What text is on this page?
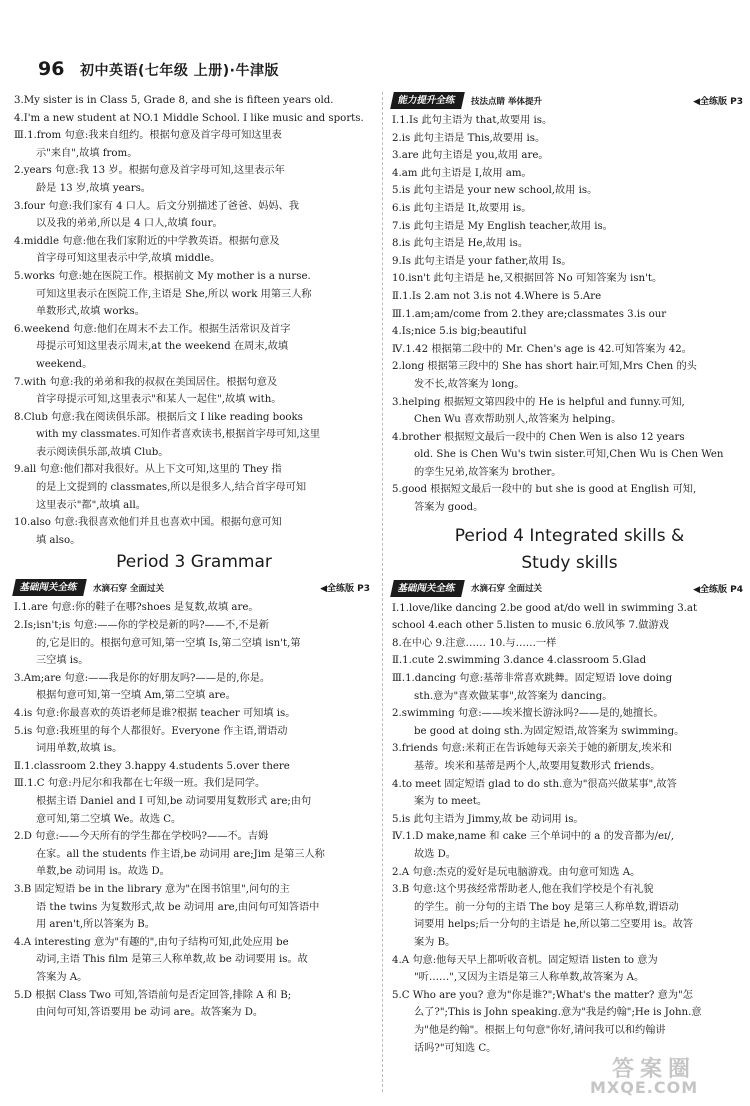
96 初中英语(七年级 上册)·牛津版
3.My sister is in Class 5, Grade 8, and she is fifteen years old.
4.I'm a new student at NO.1 Middle School. I like music and sports.
Ⅲ.1.from 句意:我来自纽约。根据句意及首字母可知这里表
示"来自",故填 from。
2.years 句意:我 13 岁。根据句意及首字母可知,这里表示年
龄是 13 岁,故填 years。
3.four 句意:我们家有 4 口人。后文分别描述了爸爸、妈妈、我
以及我的弟弟,所以是 4 口人,故填 four。
4.middle 句意:他在我们家附近的中学教英语。根据句意及
首字母可知这里表示中学,故填 middle。
5.works 句意:她在医院工作。根据前文 My mother is a nurse.
可知这里表示在医院工作,主语是 She,所以 work 用第三人称
单数形式,故填 works。
6.weekend 句意:他们在周末不去工作。根据生活常识及首字
母提示可知这里表示周末,at the weekend 在周末,故填
weekend。
7.with 句意:我的弟弟和我的叔叔在美国居住。根据句意及
首字母提示可知,这里表示"和某人一起住",故填 with。
8.Club 句意:我在阅读俱乐部。根据后文 I like reading books
with my classmates.可知作者喜欢读书,根据首字母可知,这里
表示阅读俱乐部,故填 Club。
9.all 句意:他们都对我很好。从上下文可知,这里的 They 指
的是上文提到的 classmates,所以是很多人,结合首字母可知
这里表示"都",故填 all。
10.also 句意:我很喜欢他们并且也喜欢中国。根据句意可知
填 also。
Period 3 Grammar
基础闯关全练	水滴石穿 全面过关	◀全练版 P3
Ⅰ.1.are 句意:你的鞋子在哪?shoes 是复数,故填 are。
2.Is;isn't;is 句意:——你的学校是新的吗?——不,不是新
的,它是旧的。根据句意可知,第一空填 Is,第二空填 isn't,第
三空填 is。
3.Am;are 句意:——我是你的好朋友吗?——是的,你是。
根据句意可知,第一空填 Am,第二空填 are。
4.is 句意:你最喜欢的英语老师是谁?根据 teacher 可知填 is。
5.is 句意:我班里的每个人都很好。Everyone 作主语,谓语动
词用单数,故填 is。
Ⅱ.1.classroom 2.they 3.happy 4.students 5.over there
Ⅲ.1.C 句意:丹尼尔和我都在七年级一班。我们是同学。
根据主语 Daniel and I 可知,be 动词要用复数形式 are;由句
意可知,第二空填 We。故选 C。
2.D 句意:——今天所有的学生都在学校吗?——不。吉姆
在家。all the students 作主语,be 动词用 are;Jim 是第三人称
单数,be 动词用 is。故选 D。
3.B 固定短语 be in the library 意为"在图书馆里",问句的主
语 the twins 为复数形式,故 be 动词用 are,由问句可知答语中
用 aren't,所以答案为 B。
4.A interesting 意为"有趣的",由句子结构可知,此处应用 be
动词,主语 This film 是第三人称单数,故 be 动词要用 is。故
答案为 A。
5.D 根据 Class Two 可知,答语前句是否定回答,排除 A 和 B;
由问句可知,答语要用 be 动词 are。故答案为 D。
能力提升全练	技法点睛 举体提升	◀全练版 P3
Ⅰ.1.Is 此句主语为 that,故要用 is。
2.is 此句主语是 This,故要用 is。
3.are 此句主语是 you,故用 are。
4.am 此句主语是 I,故用 am。
5.is 此句主语是 your new school,故用 is。
6.is 此句主语是 It,故要用 is。
7.is 此句主语是 My English teacher,故用 is。
8.is 此句主语是 He,故用 is。
9.Is 此句主语是 your father,故用 Is。
10.isn't 此句主语是 he,又根据回答 No 可知答案为 isn't。
Ⅱ.1.Is 2.am not 3.is not 4.Where is 5.Are
Ⅲ.1.am;am/come from 2.they are;classmates 3.is our
4.Is;nice 5.is big;beautiful
Ⅳ.1.42 根据第二段中的 Mr. Chen's age is 42.可知答案为 42。
2.long 根据第三段中的 She has short hair.可知,Mrs Chen 的头
发不长,故答案为 long。
3.helping 根据短文第四段中的 He is helpful and funny.可知,
Chen Wu 喜欢帮助别人,故答案为 helping。
4.brother 根据短文最后一段中的 Chen Wen is also 12 years
old. She is Chen Wu's twin sister.可知,Chen Wu is Chen Wen
的孪生兄弟,故答案为 brother。
5.good 根据短文最后一段中的 but she is good at English 可知,
答案为 good。
Period 4 Integrated skills &
Study skills
基础闯关全练	水滴石穿 全面过关	◀全练版 P4
Ⅰ.1.love/like dancing 2.be good at/do well in swimming 3.at
school 4.each other 5.listen to music 6.放风筝 7.做游戏
8.在中心 9.注意…… 10.与……一样
Ⅱ.1.cute 2.swimming 3.dance 4.classroom 5.Glad
Ⅲ.1.dancing 句意:基蒂非常喜欢跳舞。固定短语 love doing
sth.意为"喜欢做某事",故答案为 dancing。
2.swimming 句意:——埃米擅长游泳吗?——是的,她擅长。
be good at doing sth.为固定短语,故答案为 swimming。
3.friends 句意:米莉正在告诉她每天亲关于她的新朋友,埃米和
基蒂。埃米和基蒂是两个人,故要用复数形式 friends。
4.to meet 固定短语 glad to do sth.意为"很高兴做某事",故答
案为 to meet。
5.is 此句主语为 Jimmy,故 be 动词用 is。
Ⅳ.1.D make,name 和 cake 三个单词中的 a 的发音都为/eɪ/,
故选 D。
2.A 句意:杰克的爱好是玩电脑游戏。由句意可知选 A。
3.B 句意:这个男孩经常帮助老人,他在我们学校是个有礼貌
的学生。前一分句的主语 The boy 是第三人称单数,谓语动
词要用 helps;后一分句的主语是 he,所以第二空要用 is。故答
案为 B。
4.A 句意:他每天早上都听收音机。固定短语 listen to 意为
"听……",又因为主语是第三人称单数,故答案为 A。
5.C Who are you? 意为"你是谁?";What's the matter? 意为"怎
么了?";This is John speaking.意为"我是约翰";He is John.意
为"他是约翰"。根据上句句意"你好,请问我可以和约翰讲
话吗?"可知选 C。
答案圈
MXQE.COM
